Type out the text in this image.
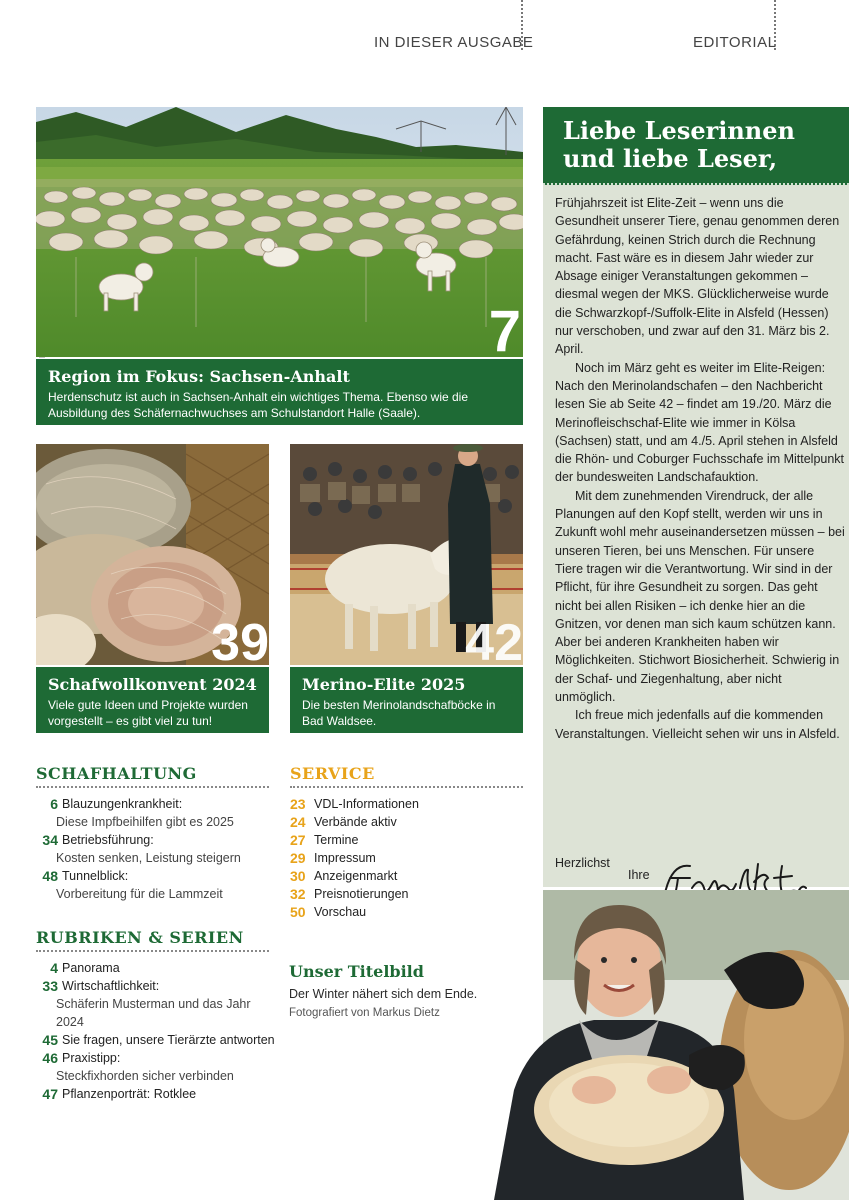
IN DIESER AUSGABE	EDITORIAL
7
Region im Fokus: Sachsen-Anhalt
Herdenschutz ist auch in Sachsen-Anhalt ein wichtiges Thema. Ebenso wie die Ausbildung des Schäfernachwuchses am Schulstandort Halle (Saale).
39
Schafwollkonvent 2024
Viele gute Ideen und Projekte wurden vorgestellt – es gibt viel zu tun!
42
Merino-Elite 2025
Die besten Merinolandschafböcke in Bad Waldsee.
SCHAFHALTUNG
6 Blauzungenkrankheit:
Diese Impfbeihilfen gibt es 2025
34 Betriebsführung:
Kosten senken, Leistung steigern
48 Tunnelblick:
Vorbereitung für die Lammzeit
RUBRIKEN & SERIEN
4 Panorama
33 Wirtschaftlichkeit:
Schäferin Musterman und das Jahr 2024
45 Sie fragen, unsere Tierärzte antworten
46 Praxistipp:
Steckfixhorden sicher verbinden
47 Pflanzenporträt: Rotklee
SERVICE
23 VDL-Informationen
24 Verbände aktiv
27 Termine
29 Impressum
30 Anzeigenmarkt
32 Preisnotierungen
50 Vorschau
Unser Titelbild
Der Winter nähert sich dem Ende.
Fotografiert von Markus Dietz
Liebe Leserinnen
und liebe Leser,

Frühjahrszeit ist Elite-Zeit – wenn uns die Gesundheit unserer Tiere, genau genommen deren Gefährdung, keinen Strich durch die Rechnung macht. Fast wäre es in diesem Jahr wieder zur Absage einiger Veranstaltungen gekommen – diesmal wegen der MKS. Glücklicherweise wurde die Schwarzkopf-/Suffolk-Elite in Alsfeld (Hessen) nur verschoben, und zwar auf den 31. März bis 2. April.

Noch im März geht es weiter im Elite-Reigen: Nach den Merinolandschafen – den Nachbericht lesen Sie ab Seite 42 – findet am 19./20. März die Merinofleischschaf-Elite wie immer in Kölsa (Sachsen) statt, und am 4./5. April stehen in Alsfeld die Rhön- und Coburger Fuchsschafe im Mittelpunkt der bundesweiten Landschafauktion.

Mit dem zunehmenden Virendruck, der alle Planungen auf den Kopf stellt, werden wir uns in Zukunft wohl mehr auseinandersetzen müssen – bei unseren Tieren, bei uns Menschen. Für unsere Tiere tragen wir die Verantwortung. Wir sind in der Pflicht, für ihre Gesundheit zu sorgen. Das geht nicht bei allen Risiken – ich denke hier an die Gnitzen, vor denen man sich kaum schützen kann. Aber bei anderen Krankheiten haben wir Möglichkeiten. Stichwort Biosicherheit. Schwierig in der Schaf- und Ziegenhaltung, aber nicht unmöglich.

Ich freue mich jedenfalls auf die kommenden Veranstaltungen. Vielleicht sehen wir uns in Alsfeld.

Herzlichst
Ihre
